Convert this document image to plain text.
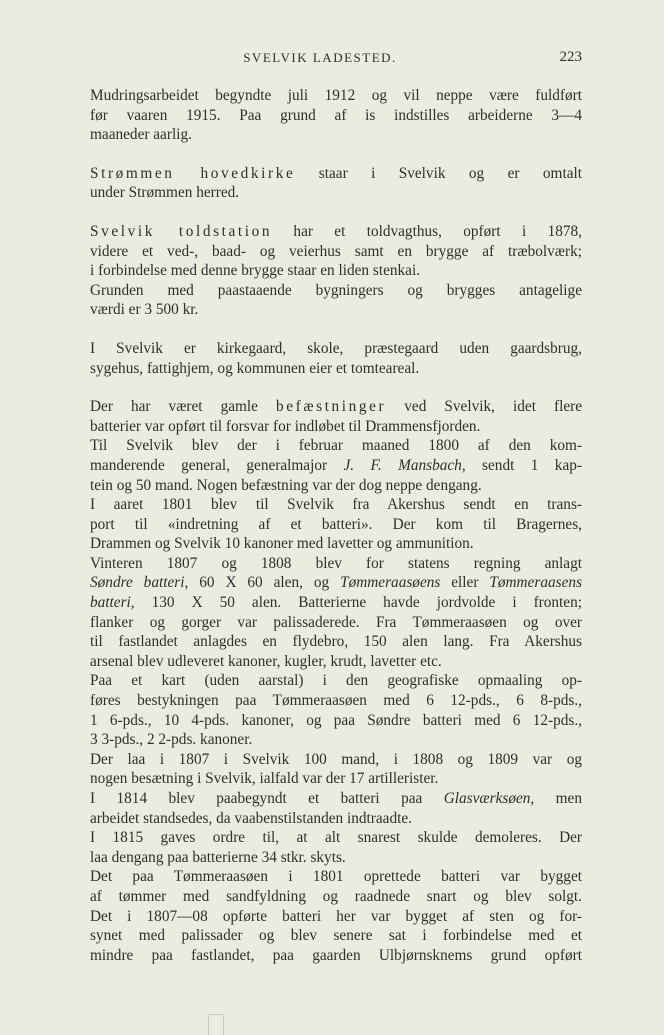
SVELVIK LADESTED.	223

Mudringsarbeidet begyndte juli 1912 og vil neppe være fuldført
før vaaren 1915. Paa grund af is indstilles arbeiderne 3—4
maaneder aarlig.

Strømmen hovedkirke staar i Svelvik og er omtalt
under Strømmen herred.

Svelvik toldstation har et toldvagthus, opført i 1878,
videre et ved-, baad- og veierhus samt en brygge af træbolværk;
i forbindelse med denne brygge staar en liden stenkai.

Grunden med paastaaende bygningers og brygges antagelige
værdi er 3 500 kr.

I Svelvik er kirkegaard, skole, præstegaard uden gaardsbrug,
sygehus, fattighjem, og kommunen eier et tomteareal.

Der har været gamle befæstninger ved Svelvik, idet flere
batterier var opført til forsvar for indløbet til Drammensfjorden.

Til Svelvik blev der i februar maaned 1800 af den kom-
manderende general, generalmajor J. F. Mansbach, sendt 1 kap-
tein og 50 mand. Nogen befæstning var der dog neppe dengang.

I aaret 1801 blev til Svelvik fra Akershus sendt en trans-
port til «indretning af et batteri». Der kom til Bragernes,
Drammen og Svelvik 10 kanoner med lavetter og ammunition.

Vinteren 1807 og 1808 blev for statens regning anlagt
Søndre batteri, 60 X 60 alen, og Tømmeraasøens eller Tømmeraasens
batteri, 130 X 50 alen. Batterierne havde jordvolde i fronten;
flanker og gorger var palissaderede. Fra Tømmeraasøen og over
til fastlandet anlagdes en flydebro, 150 alen lang. Fra Akershus
arsenal blev udleveret kanoner, kugler, krudt, lavetter etc.

Paa et kart (uden aarstal) i den geografiske opmaaling op-
føres bestykningen paa Tømmeraasøen med 6 12-pds., 6 8-pds.,
1 6-pds., 10 4-pds. kanoner, og paa Søndre batteri med 6 12-pds.,
3 3-pds., 2 2-pds. kanoner.

Der laa i 1807 i Svelvik 100 mand, i 1808 og 1809 var og
nogen besætning i Svelvik, ialfald var der 17 artillerister.

I 1814 blev paabegyndt et batteri paa Glasværksøen, men
arbeidet standsedes, da vaabenstilstanden indtraadte.

I 1815 gaves ordre til, at alt snarest skulde demoleres. Der
laa dengang paa batterierne 34 stkr. skyts.

Det paa Tømmeraasøen i 1801 oprettede batteri var bygget
af tømmer med sandfyldning og raadnede snart og blev solgt.
Det i 1807—08 opførte batteri her var bygget af sten og for-
synet med palissader og blev senere sat i forbindelse med et
mindre paa fastlandet, paa gaarden Ulbjørnsknems grund opført
